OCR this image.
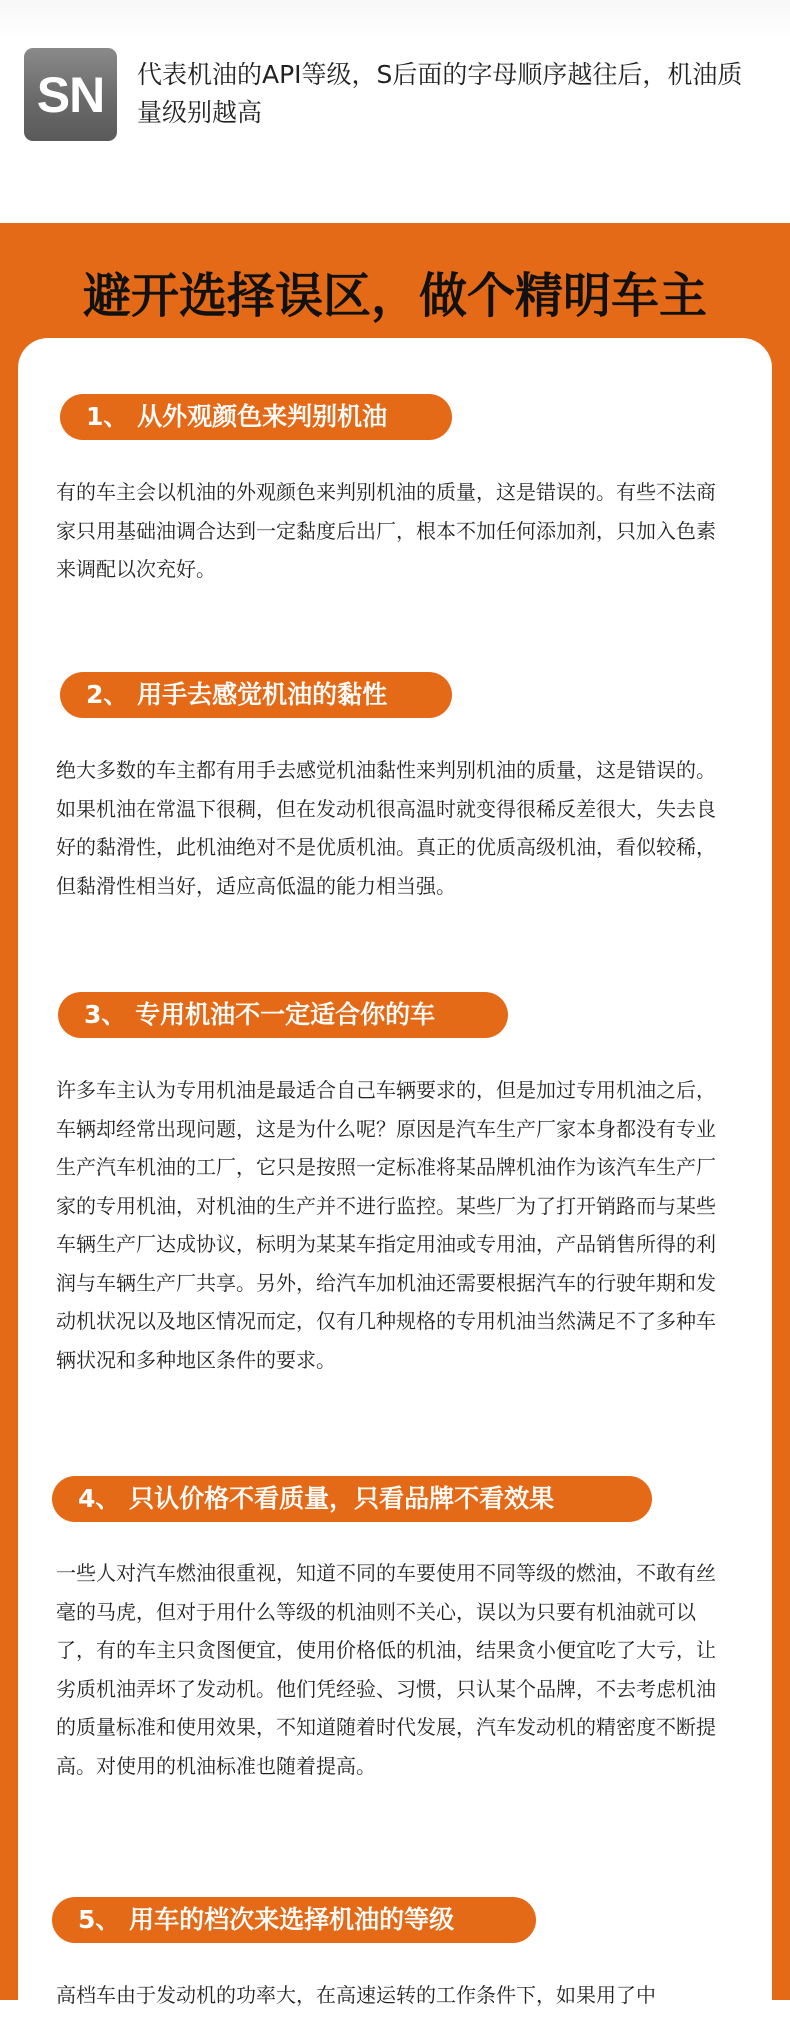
SN	代表机油的API等级，S后面的字母顺序越往后，机油质量级别越高
避开选择误区，做个精明车主
1、 从外观颜色来判别机油
有的车主会以机油的外观颜色来判别机油的质量，这是错误的。有些不法商家只用基础油调合达到一定黏度后出厂，根本不加任何添加剂，只加入色素来调配以次充好。
2、 用手去感觉机油的黏性
绝大多数的车主都有用手去感觉机油黏性来判别机油的质量，这是错误的。如果机油在常温下很稠，但在发动机很高温时就变得很稀反差很大，失去良好的黏滑性，此机油绝对不是优质机油。真正的优质高级机油，看似较稀，但黏滑性相当好，适应高低温的能力相当强。
3、 专用机油不一定适合你的车
许多车主认为专用机油是最适合自己车辆要求的，但是加过专用机油之后，车辆却经常出现问题，这是为什么呢？原因是汽车生产厂家本身都没有专业生产汽车机油的工厂，它只是按照一定标准将某品牌机油作为该汽车生产厂家的专用机油，对机油的生产并不进行监控。某些厂为了打开销路而与某些车辆生产厂达成协议，标明为某某车指定用油或专用油，产品销售所得的利润与车辆生产厂共享。另外，给汽车加机油还需要根据汽车的行驶年期和发动机状况以及地区情况而定，仅有几种规格的专用机油当然满足不了多种车辆状况和多种地区条件的要求。
4、 只认价格不看质量，只看品牌不看效果
一些人对汽车燃油很重视，知道不同的车要使用不同等级的燃油，不敢有丝毫的马虎，但对于用什么等级的机油则不关心，误以为只要有机油就可以了，有的车主只贪图便宜，使用价格低的机油，结果贪小便宜吃了大亏，让劣质机油弄坏了发动机。他们凭经验、习惯，只认某个品牌，不去考虑机油的质量标准和使用效果，不知道随着时代发展，汽车发动机的精密度不断提高。对使用的机油标准也随着提高。
5、 用车的档次来选择机油的等级
高档车由于发动机的功率大，在高速运转的工作条件下，如果用了中
